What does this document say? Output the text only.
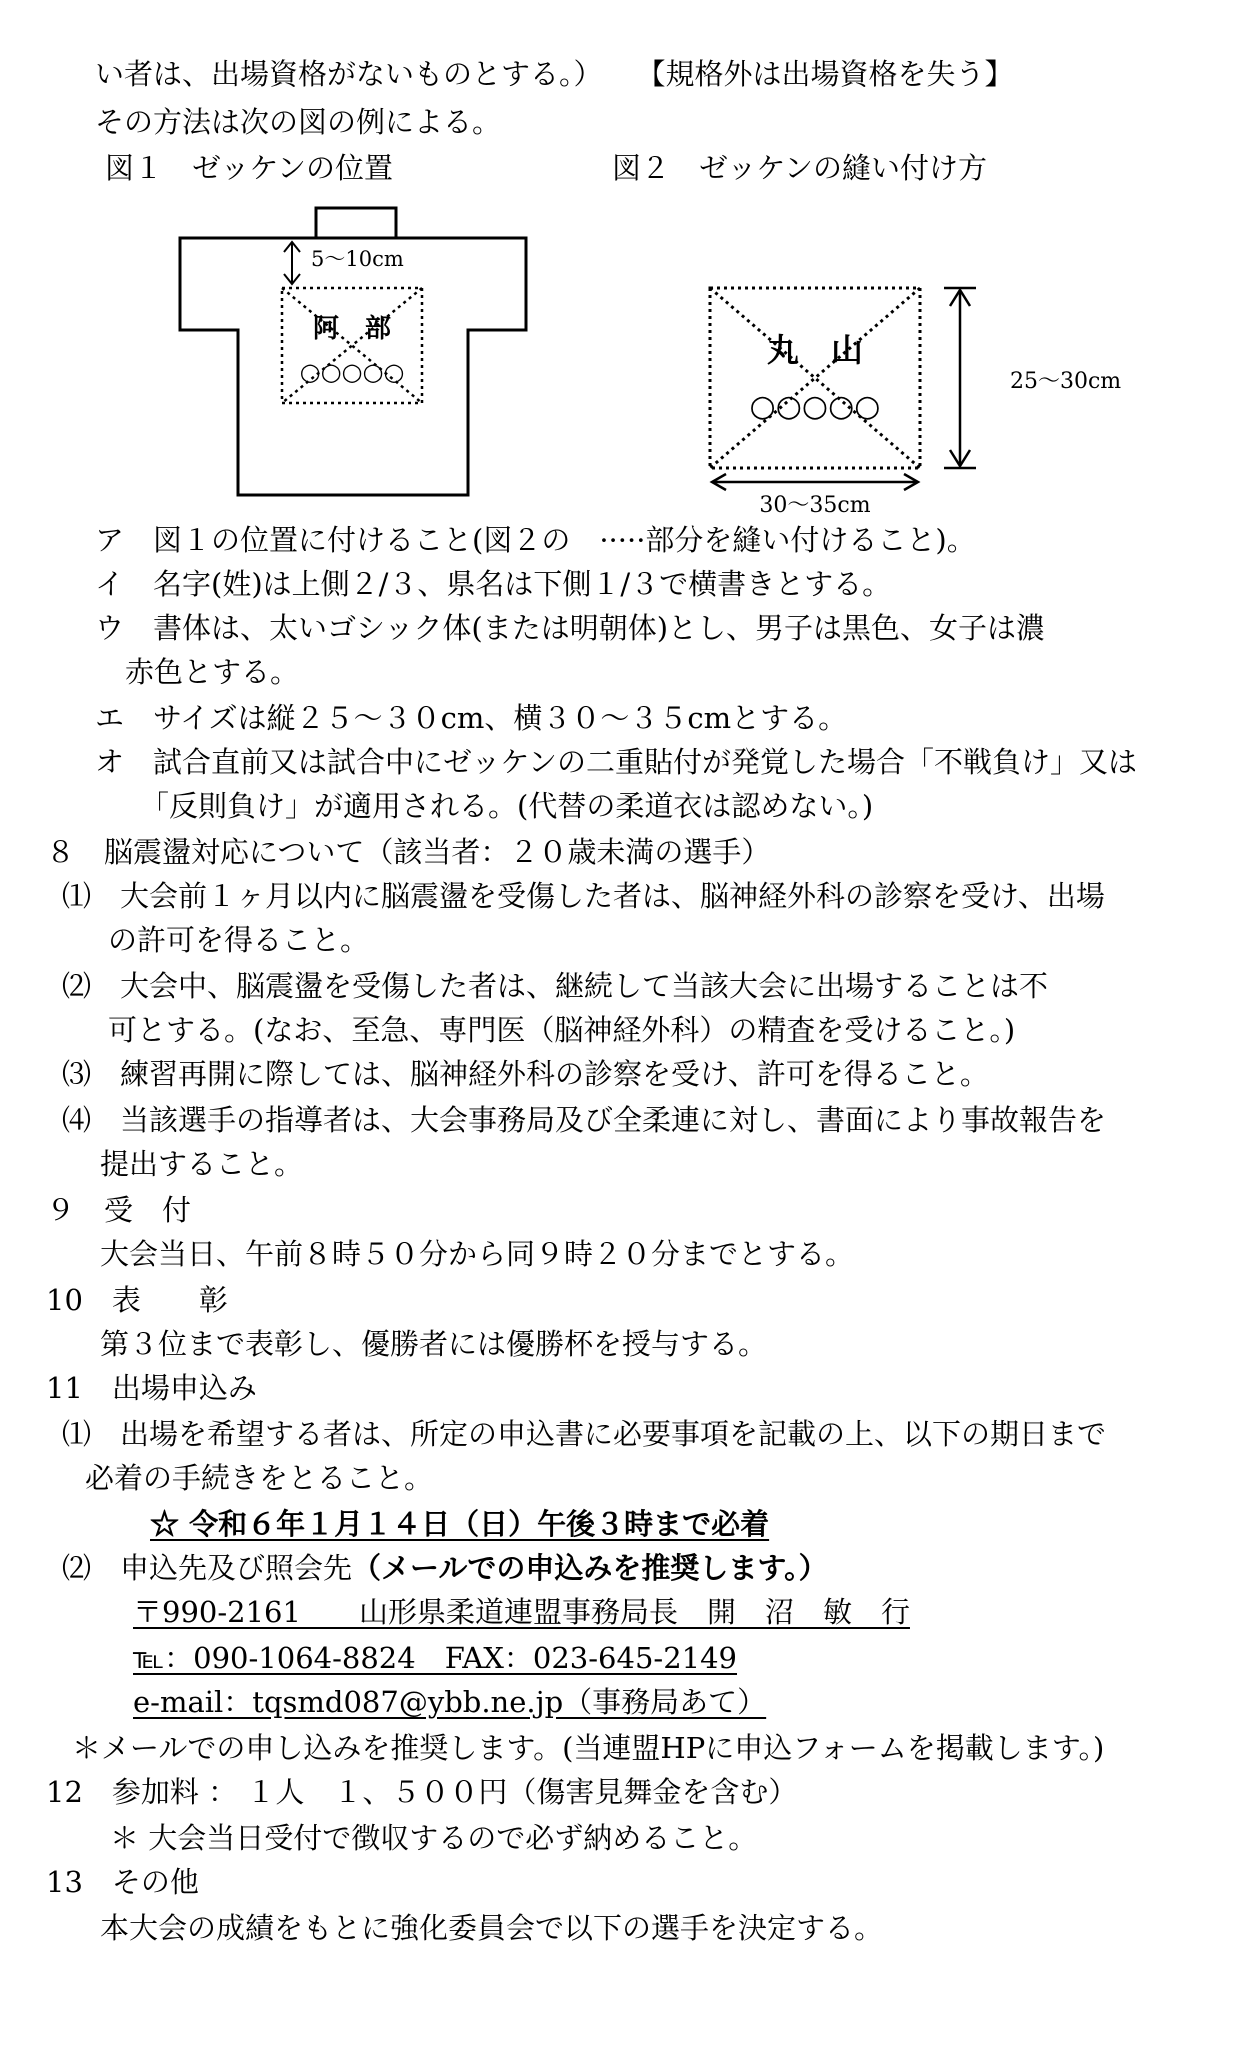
い者は、出場資格がないものとする。） 【規格外は出場資格を失う】
その方法は次の図の例による。
図１　ゼッケンの位置	図２　ゼッケンの縫い付け方
5〜10cm
阿　部
○○○○○
丸　山
○○○○○
25〜30cm
30〜35cm
ア　図１の位置に付けること(図２の　·····部分を縫い付けること)。
イ　名字(姓)は上側２/３、県名は下側１/３で横書きとする。
ウ　書体は、太いゴシック体(または明朝体)とし、男子は黒色、女子は濃
赤色とする。
エ　サイズは縦２５〜３０cm、横３０〜３５cmとする。
オ　試合直前又は試合中にゼッケンの二重貼付が発覚した場合「不戦負け」又は
「反則負け」が適用される。(代替の柔道衣は認めない。)
８　脳震盪対応について（該当者：２０歳未満の選手）
⑴　大会前１ヶ月以内に脳震盪を受傷した者は、脳神経外科の診察を受け、出場
の許可を得ること。
⑵　大会中、脳震盪を受傷した者は、継続して当該大会に出場することは不
可とする。(なお、至急、専門医（脳神経外科）の精査を受けること。)
⑶　練習再開に際しては、脳神経外科の診察を受け、許可を得ること。
⑷　当該選手の指導者は、大会事務局及び全柔連に対し、書面により事故報告を
提出すること。
９　受　付
大会当日、午前８時５０分から同９時２０分までとする。
10　表　　彰
第３位まで表彰し、優勝者には優勝杯を授与する。
11　出場申込み
⑴　出場を希望する者は、所定の申込書に必要事項を記載の上、以下の期日まで
必着の手続きをとること。
☆ 令和６年１月１４日（日）午後３時まで必着
⑵　申込先及び照会先（メールでの申込みを推奨します。）
〒990-2161　　山形県柔道連盟事務局長　開　沼　敏　行
℡：090-1064-8824　FAX：023-645-2149
e-mail：tqsmd087@ybb.ne.jp（事務局あて）
＊メールでの申し込みを推奨します。(当連盟HPに申込フォームを掲載します。)
12　参加料 ： １人　１、５００円（傷害見舞金を含む）
＊ 大会当日受付で徴収するので必ず納めること。
13　その他
本大会の成績をもとに強化委員会で以下の選手を決定する。
